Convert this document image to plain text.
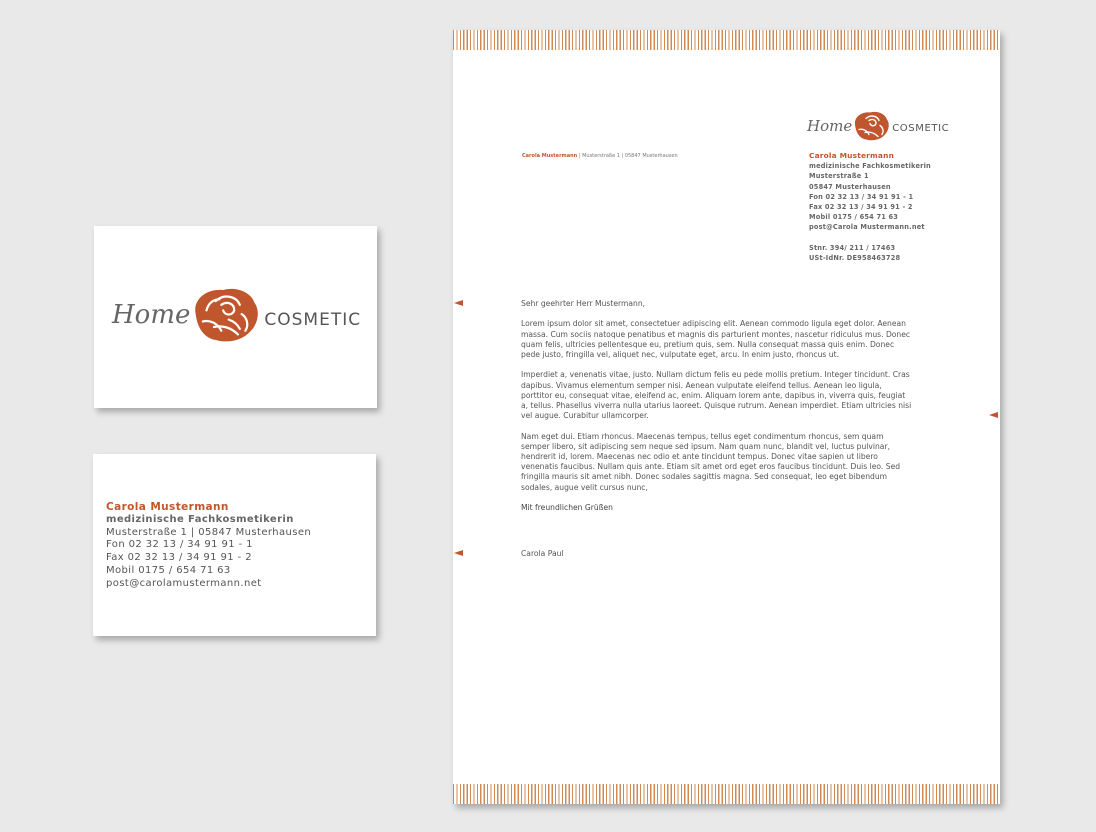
Home	COSMETIC
Carola Mustermann
medizinische Fachkosmetikerin
Musterstraße 1 | 05847 Musterhausen
Fon 02 32 13 / 34 91 91 - 1
Fax 02 32 13 / 34 91 91 - 2
Mobil 0175 / 654 71 63
post@carolamustermann.net
Home	COSMETIC
Carola Mustermann | Musterstraße 1 | 05847 Musterhausen	Carola Mustermann
medizinische Fachkosmetikerin
Musterstraße 1
05847 Musterhausen
Fon 02 32 13 / 34 91 91 - 1
Fax 02 32 13 / 34 91 91 - 2
Mobil 0175 / 654 71 63
post@Carola Mustermann.net
Stnr. 394/ 211 / 17463
USt-IdNr. DE958463728

Sehr geehrter Herr Mustermann,

Lorem ipsum dolor sit amet, consectetuer adipiscing elit. Aenean commodo ligula eget dolor. Aenean massa. Cum sociis natoque penatibus et magnis dis parturient montes, nascetur ridiculus mus. Donec quam felis, ultricies pellentesque eu, pretium quis, sem. Nulla consequat massa quis enim. Donec pede justo, fringilla vel, aliquet nec, vulputate eget, arcu. In enim justo, rhoncus ut.

Imperdiet a, venenatis vitae, justo. Nullam dictum felis eu pede mollis pretium. Integer tincidunt. Cras dapibus. Vivamus elementum semper nisi. Aenean vulputate eleifend tellus. Aenean leo ligula, porttitor eu, consequat vitae, eleifend ac, enim. Aliquam lorem ante, dapibus in, viverra quis, feugiat a, tellus. Phasellus viverra nulla utarius laoreet. Quisque rutrum. Aenean imperdiet. Etiam ultricies nisi vel augue. Curabitur ullamcorper.

Nam eget dui. Etiam rhoncus. Maecenas tempus, tellus eget condimentum rhoncus, sem quam semper libero, sit adipiscing sem neque sed ipsum. Nam quam nunc, blandit vel, luctus pulvinar, hendrerit id, lorem. Maecenas nec odio et ante tincidunt tempus. Donec vitae sapien ut libero venenatis faucibus. Nullam quis ante. Etiam sit amet ord eget eros faucibus tincidunt. Duis leo. Sed fringilla mauris sit amet nibh. Donec sodales sagittis magna. Sed consequat, leo eget bibendum sodales, augue velit cursus nunc,

Mit freundlichen Grüßen
Carola Paul
